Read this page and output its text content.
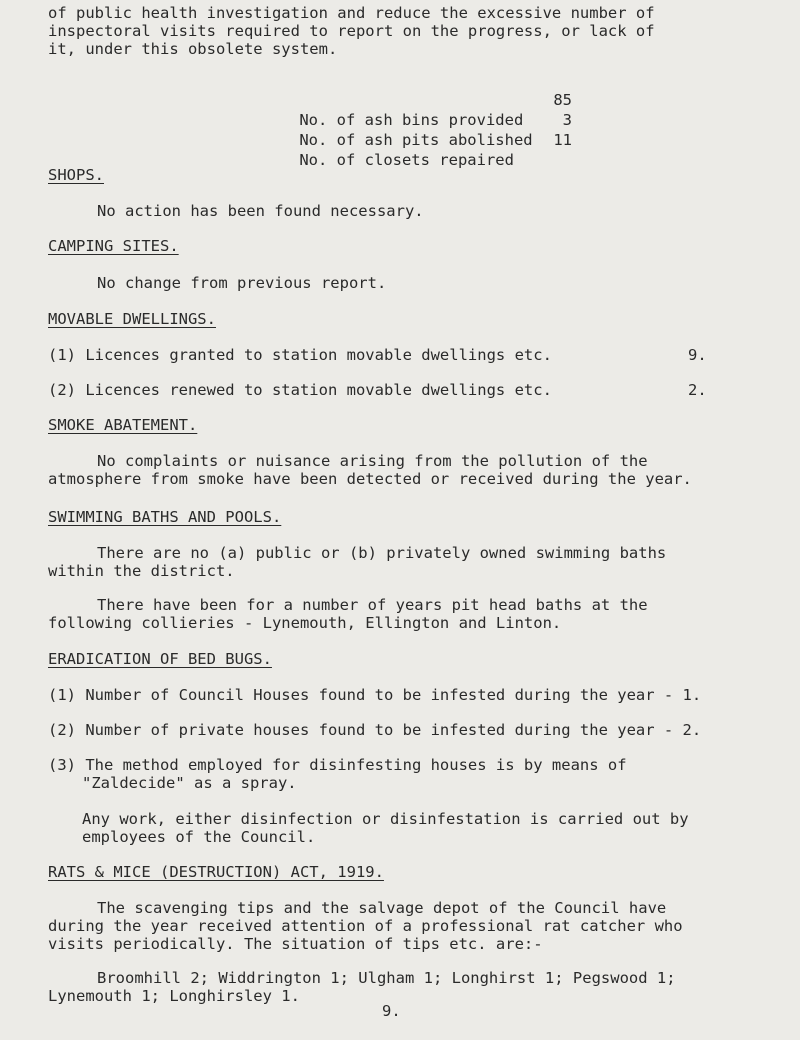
of public health investigation and reduce the excessive number of
inspectoral visits required to report on the progress, or lack of
it, under this obsolete system.

No. of ash bins provided

85

No. of ash pits abolished

3

No. of closets repaired

11

SHOPS.
No action has been found necessary.
CAMPING SITES.
No change from previous report.
MOVABLE DWELLINGS.
(1) Licences granted to station movable dwellings etc.	9.
(2) Licences renewed to station movable dwellings etc.	2.
SMOKE ABATEMENT.
No complaints or nuisance arising from the pollution of the
atmosphere from smoke have been detected or received during the year.
SWIMMING BATHS AND POOLS.
There are no (a) public or (b) privately owned swimming baths
within the district.
There have been for a number of years pit head baths at the
following collieries - Lynemouth, Ellington and Linton.
ERADICATION OF BED BUGS.
(1) Number of Council Houses found to be infested during the year - 1.
(2) Number of private houses found to be infested during the year - 2.
(3) The method employed for disinfesting houses is by means of
"Zaldecide" as a spray.
Any work, either disinfection or disinfestation is carried out by
employees of the Council.
RATS & MICE (DESTRUCTION) ACT, 1919.
The scavenging tips and the salvage depot of the Council have
during the year received attention of a professional rat catcher who
visits periodically. The situation of tips etc. are:-
Broomhill 2; Widdrington 1; Ulgham 1; Longhirst 1; Pegswood 1;
Lynemouth 1; Longhirsley 1.
9.
